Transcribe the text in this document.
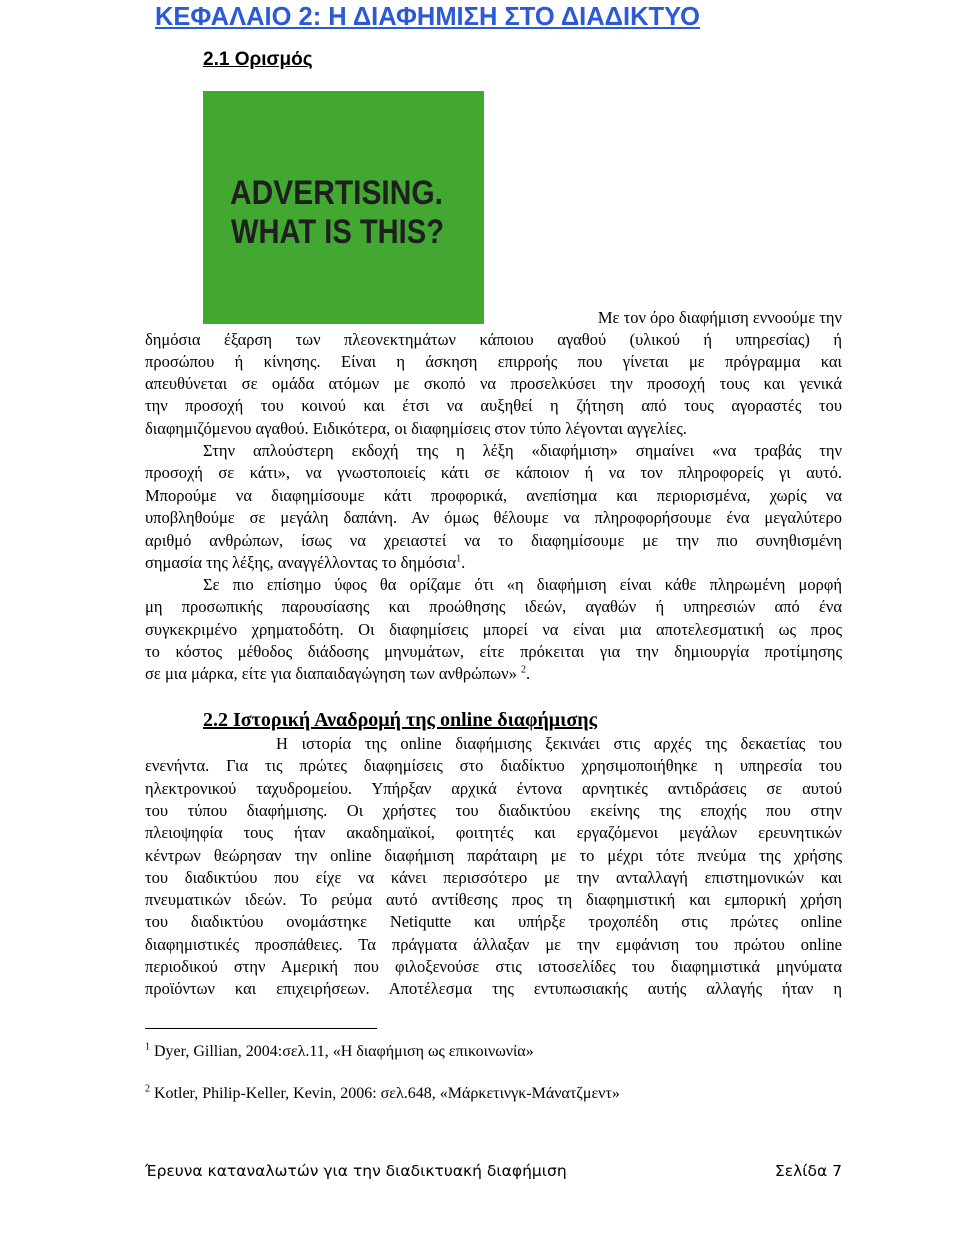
ΚΕΦΑΛΑΙΟ 2: Η ΔΙΑΦΗΜΙΣΗ ΣΤΟ ΔΙΑΔΙΚΤΥΟ
2.1 Ορισμός
ADVERTISING.
WHAT IS THIS?
Με τον όρο διαφήμιση εννοούμε την
δημόσια έξαρση των πλεονεκτημάτων κάποιου αγαθού (υλικού ή υπηρεσίας) ή
προσώπου ή κίνησης. Είναι η άσκηση επιρροής που γίνεται με πρόγραμμα και
απευθύνεται σε ομάδα ατόμων με σκοπό να προσελκύσει την προσοχή τους και γενικά
την προσοχή του κοινού και έτσι να αυξηθεί η ζήτηση από τους αγοραστές του
διαφημιζόμενου αγαθού. Ειδικότερα, οι διαφημίσεις στον τύπο λέγονται αγγελίες.
Στην απλούστερη εκδοχή της η λέξη «διαφήμιση» σημαίνει «να τραβάς την
προσοχή σε κάτι», να γνωστοποιείς κάτι σε κάποιον ή να τον πληροφορείς γι αυτό.
Μπορούμε να διαφημίσουμε κάτι προφορικά, ανεπίσημα και περιορισμένα, χωρίς να
υποβληθούμε σε μεγάλη δαπάνη. Αν όμως θέλουμε να πληροφορήσουμε ένα μεγαλύτερο
αριθμό ανθρώπων, ίσως να χρειαστεί να το διαφημίσουμε με την πιο συνηθισμένη
σημασία της λέξης, αναγγέλλοντας το δημόσια$^1$.
Σε πιο επίσημο ύφος θα ορίζαμε ότι «η διαφήμιση είναι κάθε πληρωμένη μορφή
μη προσωπικής παρουσίασης και προώθησης ιδεών, αγαθών ή υπηρεσιών από ένα
συγκεκριμένο χρηματοδότη. Οι διαφημίσεις μπορεί να είναι μια αποτελεσματική ως προς
το κόστος μέθοδος διάδοσης μηνυμάτων, είτε πρόκειται για την δημιουργία προτίμησης
σε μια μάρκα, είτε για διαπαιδαγώγηση των ανθρώπων» $^2$.
2.2 Ιστορική Αναδρομή της online διαφήμισης
Η ιστορία της online διαφήμισης ξεκινάει στις αρχές της δεκαετίας του
ενενήντα. Για τις πρώτες διαφημίσεις στο διαδίκτυο χρησιμοποιήθηκε η υπηρεσία του
ηλεκτρονικού ταχυδρομείου. Υπήρξαν αρχικά έντονα αρνητικές αντιδράσεις σε αυτού
του τύπου διαφήμισης. Οι χρήστες του διαδικτύου εκείνης της εποχής που στην
πλειοψηφία τους ήταν ακαδημαϊκοί, φοιτητές και εργαζόμενοι μεγάλων ερευνητικών
κέντρων θεώρησαν την online διαφήμιση παράταιρη με το μέχρι τότε πνεύμα της χρήσης
του διαδικτύου που είχε να κάνει περισσότερο με την ανταλλαγή επιστημονικών και
πνευματικών ιδεών. Το ρεύμα αυτό αντίθεσης προς τη διαφημιστική και εμπορική χρήση
του διαδικτύου ονομάστηκε Netiqutte και υπήρξε τροχοπέδη στις πρώτες online
διαφημιστικές προσπάθειες. Τα πράγματα άλλαξαν με την εμφάνιση του πρώτου online
περιοδικού στην Αμερική που φιλοξενούσε στις ιστοσελίδες του διαφημιστικά μηνύματα
προϊόντων και επιχειρήσεων. Αποτέλεσμα της εντυπωσιακής αυτής αλλαγής ήταν η
$^1$ Dyer, Gillian, 2004:σελ.11, «Η διαφήμιση ως επικοινωνία»
$^2$ Kotler, Philip-Keller, Kevin, 2006: σελ.648, «Μάρκετινγκ-Μάνατζμεντ»
Έρευνα καταναλωτών για την διαδικτυακή διαφήμιση	Σελίδα 7
